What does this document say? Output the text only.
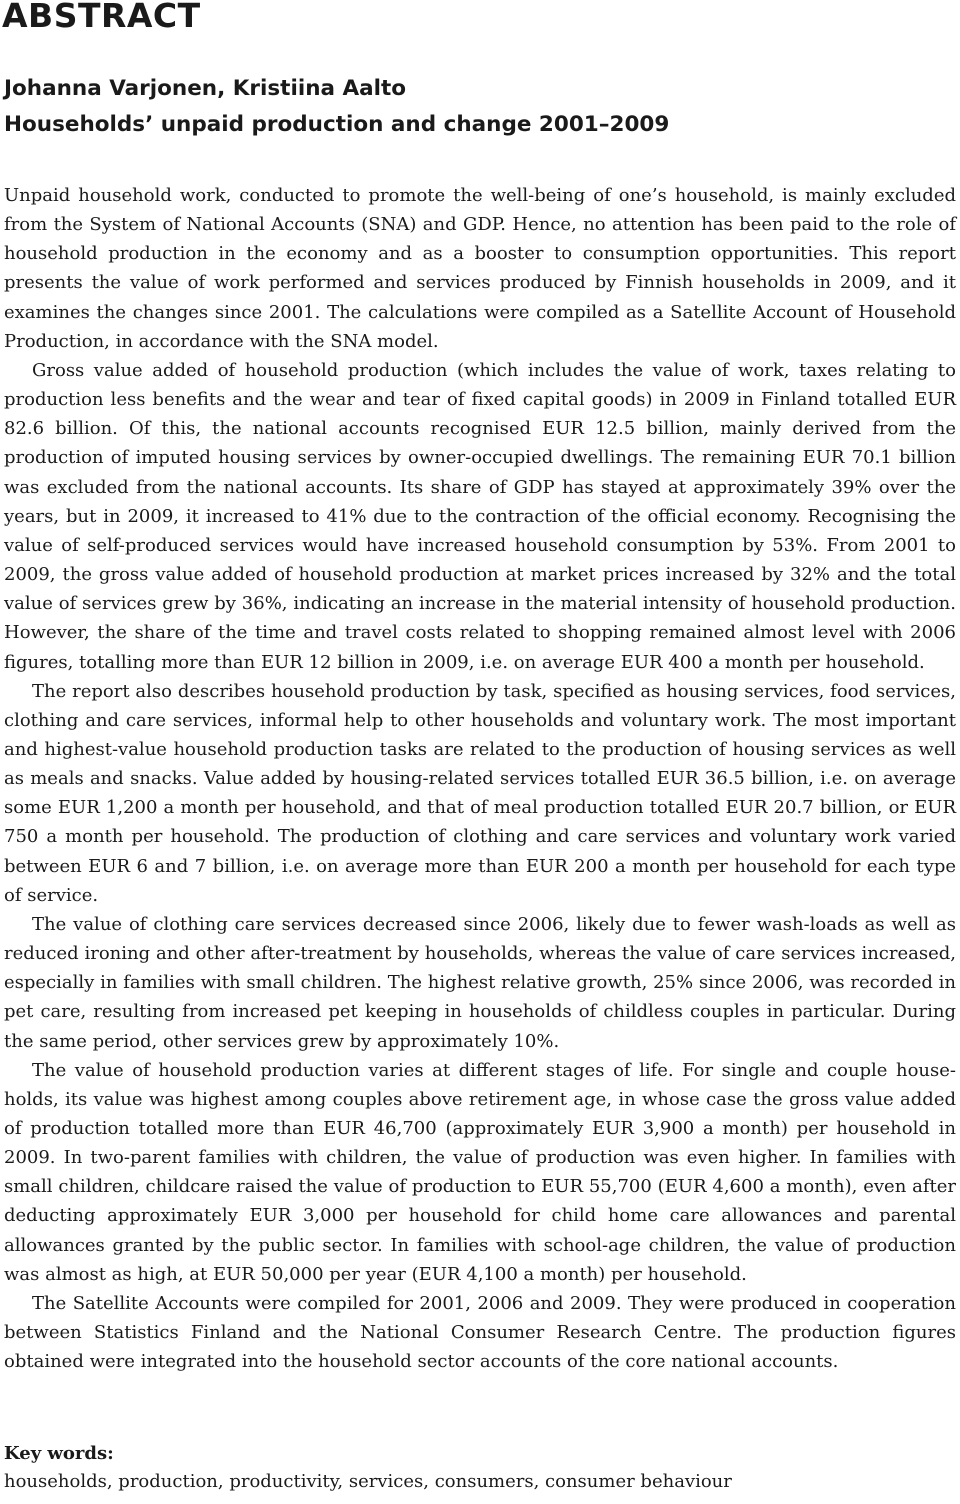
ABSTRACT
Johanna Varjonen, Kristiina Aalto
Households’ unpaid production and change 2001–2009

Unpaid household work, conducted to promote the well-being of one’s household, is mainly excluded from the System of National Accounts (SNA) and GDP. Hence, no attention has been paid to the role of household production in the economy and as a booster to consumption opportunities. This report presents the value of work performed and services produced by Finnish households in 2009, and it examines the changes since 2001. The calculations were compiled as a Satellite Account of Household Production, in accordance with the SNA model.

Gross value added of household production (which includes the value of work, taxes relating to production less benefits and the wear and tear of fixed capital goods) in 2009 in Finland totalled EUR 82.6 billion. Of this, the national accounts recognised EUR 12.5 billion, mainly derived from the production of imputed housing services by owner-occupied dwellings. The remaining EUR 70.1 billion was excluded from the national accounts. Its share of GDP has stayed at approximately 39% over the years, but in 2009, it increased to 41% due to the contraction of the official economy. Recognising the value of self-produced services would have increased household consumption by 53%. From 2001 to 2009, the gross value added of household production at market prices increased by 32% and the total value of services grew by 36%, indicating an increase in the material intensity of household production. However, the share of the time and travel costs related to shopping remained almost level with 2006 figures, totalling more than EUR 12 billion in 2009, i.e. on average EUR 400 a month per household.

The report also describes household production by task, specified as housing services, food services, clothing and care services, informal help to other households and voluntary work. The most important and highest-value household production tasks are related to the production of housing services as well as meals and snacks. Value added by housing-related services totalled EUR 36.5 billion, i.e. on average some EUR 1,200 a month per household, and that of meal production totalled EUR 20.7 billion, or EUR 750 a month per household. The production of clothing and care services and voluntary work varied between EUR 6 and 7 billion, i.e. on average more than EUR 200 a month per household for each type of service.

The value of clothing care services decreased since 2006, likely due to fewer wash-loads as well as reduced ironing and other after-treatment by households, whereas the value of care services increased, especially in families with small children. The highest relative growth, 25% since 2006, was recorded in pet care, resulting from increased pet keeping in households of childless couples in particular. During the same period, other services grew by approximately 10%.

The value of household production varies at different stages of life. For single and couple households, its value was highest among couples above retirement age, in whose case the gross value added of production totalled more than EUR 46,700 (approximately EUR 3,900 a month) per household in 2009. In two-parent families with children, the value of production was even higher. In families with small children, childcare raised the value of production to EUR 55,700 (EUR 4,600 a month), even after deducting approximately EUR 3,000 per household for child home care allowances and parental allowances granted by the public sector. In families with school-age children, the value of production was almost as high, at EUR 50,000 per year (EUR 4,100 a month) per household.

The Satellite Accounts were compiled for 2001, 2006 and 2009. They were produced in cooperation between Statistics Finland and the National Consumer Research Centre. The production figures obtained were integrated into the household sector accounts of the core national accounts.

Key words:

households, production, productivity, services, consumers, consumer behaviour
